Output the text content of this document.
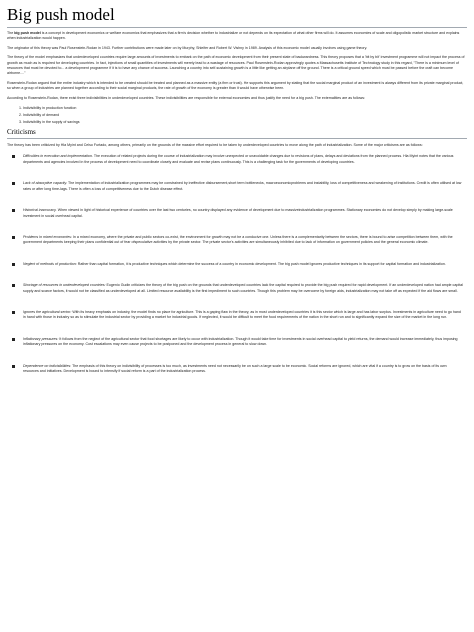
Big push model

The big push model is a concept in development economics or welfare economics that emphasizes that a firm's decision whether to industrialize or not depends on its expectation of what other firms will do. It assumes economies of scale and oligopolistic market structure and explains when industrialization would happen.

The originator of this theory was Paul Rosenstein-Rodan in 1943. Further contributions were made later on by Murphy, Shleifer and Robert W. Vishny in 1989. Analysis of this economic model usually involves using game theory.

The theory of the model emphasizes that underdeveloped countries require large amounts of investments to embark on the path of economic development from their present state of backwardness. This theory proposes that a 'bit by bit' investment programme will not impact the process of growth as much as is required for developing countries. In fact, injections of small quantities of investments will merely lead to a wastage of resources. Paul Rosenstein-Rodan approvingly quotes a Massachusetts Institute of Technology study in this regard, "There is a minimum level of resources that must be devoted to... a development programme if it is to have any chance of success. Launching a country into self-sustaining growth is a little like getting an airplane off the ground. There is a critical ground speed which must be passed before the craft can become airborne...."

Rosenstein-Rodan argued that the entire industry which is intended to be created should be treated and planned as a massive entity (a firm or trust). He supports this argument by stating that the social marginal product of an investment is always different from its private marginal product, so when a group of industries are planned together according to their social marginal products, the rate of growth of the economy is greater than it would have otherwise been.

According to Rosenstein-Rodan, there exist three indivisibilities in underdeveloped countries. These indivisibilities are responsible for external economies and thus justify the need for a big push. The externalities are as follows:

1. Indivisibility in production function
2. Indivisibility of demand
3. Indivisibility in the supply of savings
Criticisms

The theory has been criticized by Hla Myint and Celso Furtado, among others, primarily on the grounds of the massive effort required to be taken by underdeveloped countries to move along the path of industrialization. Some of the major criticisms are as follows:

Difficulties in execution and implementation. The execution of related projects during the course of industrialization may involve unexpected or unavoidable changes due to revisions of plans, delays and deviations from the planned process. Hla Myint notes that the various departments and agencies involved in the process of development need to coordinate closely and evaluate and revise plans continuously. This is a challenging task for the governments of developing countries.
Lack of absorptive capacity. The implementation of industrialization programmes may be constrained by ineffective disbursement,short term bottlenecks, macroeconomicproblems and instability, loss of competitiveness and weakening of institutions. Credit is often utilised at low rates or after long time-lags. There is often a loss of competitiveness due to the Dutch disease effect.
Historical inaccuracy. When viewed in light of historical experience of countries over the last two centuries, no country displayed any evidence of development due to massiveindustrialization programmes. Stationary economies do not develop simply by making large-scale investment in social overhead capital.
Problems in mixed economies: In a mixed economy, where the private and public sectors co-exist, the environment for growth may not be a conducive one. Unless there is a complementarity between the sectors, there is bound to arise competition between them, with the government departments keeping their plans confidential out of fear ofspeculative activities by the private sector. The private sector's activities are simultaneously inhibited due to lack of information on government policies and the general economic climate.
Neglect of methods of production: Rather than capital formation, it is productive techniques which determine the success of a country in economic development. The big push model ignores productive techniques in its support for capital formation and industrialization.
Shortage of resources in underdeveloped countries: Eugenio Gudin criticizes the theory of the big push on the grounds that underdeveloped countries lack the capital required to provide the big push required for rapid development. If an underdeveloped nation had ample capital supply and scarce factors, it would not be classified as underdeveloped at all. Limited resource availability is the first impediment to such countries. Though this problem may be overcome by foreign aids, industrialization may not take off as expected if the aid flows are small.
Ignores the agricultural sector: With its heavy emphasis on industry, the model finds no place for agriculture. This is a gaping flaw in the theory, as in most underdeveloped countries it is this sector which is large and has labor surplus. Investments in agriculture need to go hand in hand with those in industry so as to stimulate the industrial sector by providing a market for industrial goods. If neglected, it would be difficult to meet the food requirements of the nation in the short run and to significantly expand the size of the market in the long run.
Inflationary pressures: It follows from the neglect of the agricultural sector that food shortages are likely to occur with industrialization. Though it would take time for investments in social overhead capital to yield returns, the demand would increase immediately, thus imposing inflationary pressures on the economy. Cost escalations may even cause projects to be postponed and the development process in general to slow down.
Dependence on indivisibilities: The emphasis of this theory on indivisibility of processes is too much, as investments need not necessarily be on such a large scale to be economic. Social reforms are ignored, which are vital if a country is to grow on the basis of its own resources and initiatives. Development is bound to intensify if social reform is a part of the industrialization process.
